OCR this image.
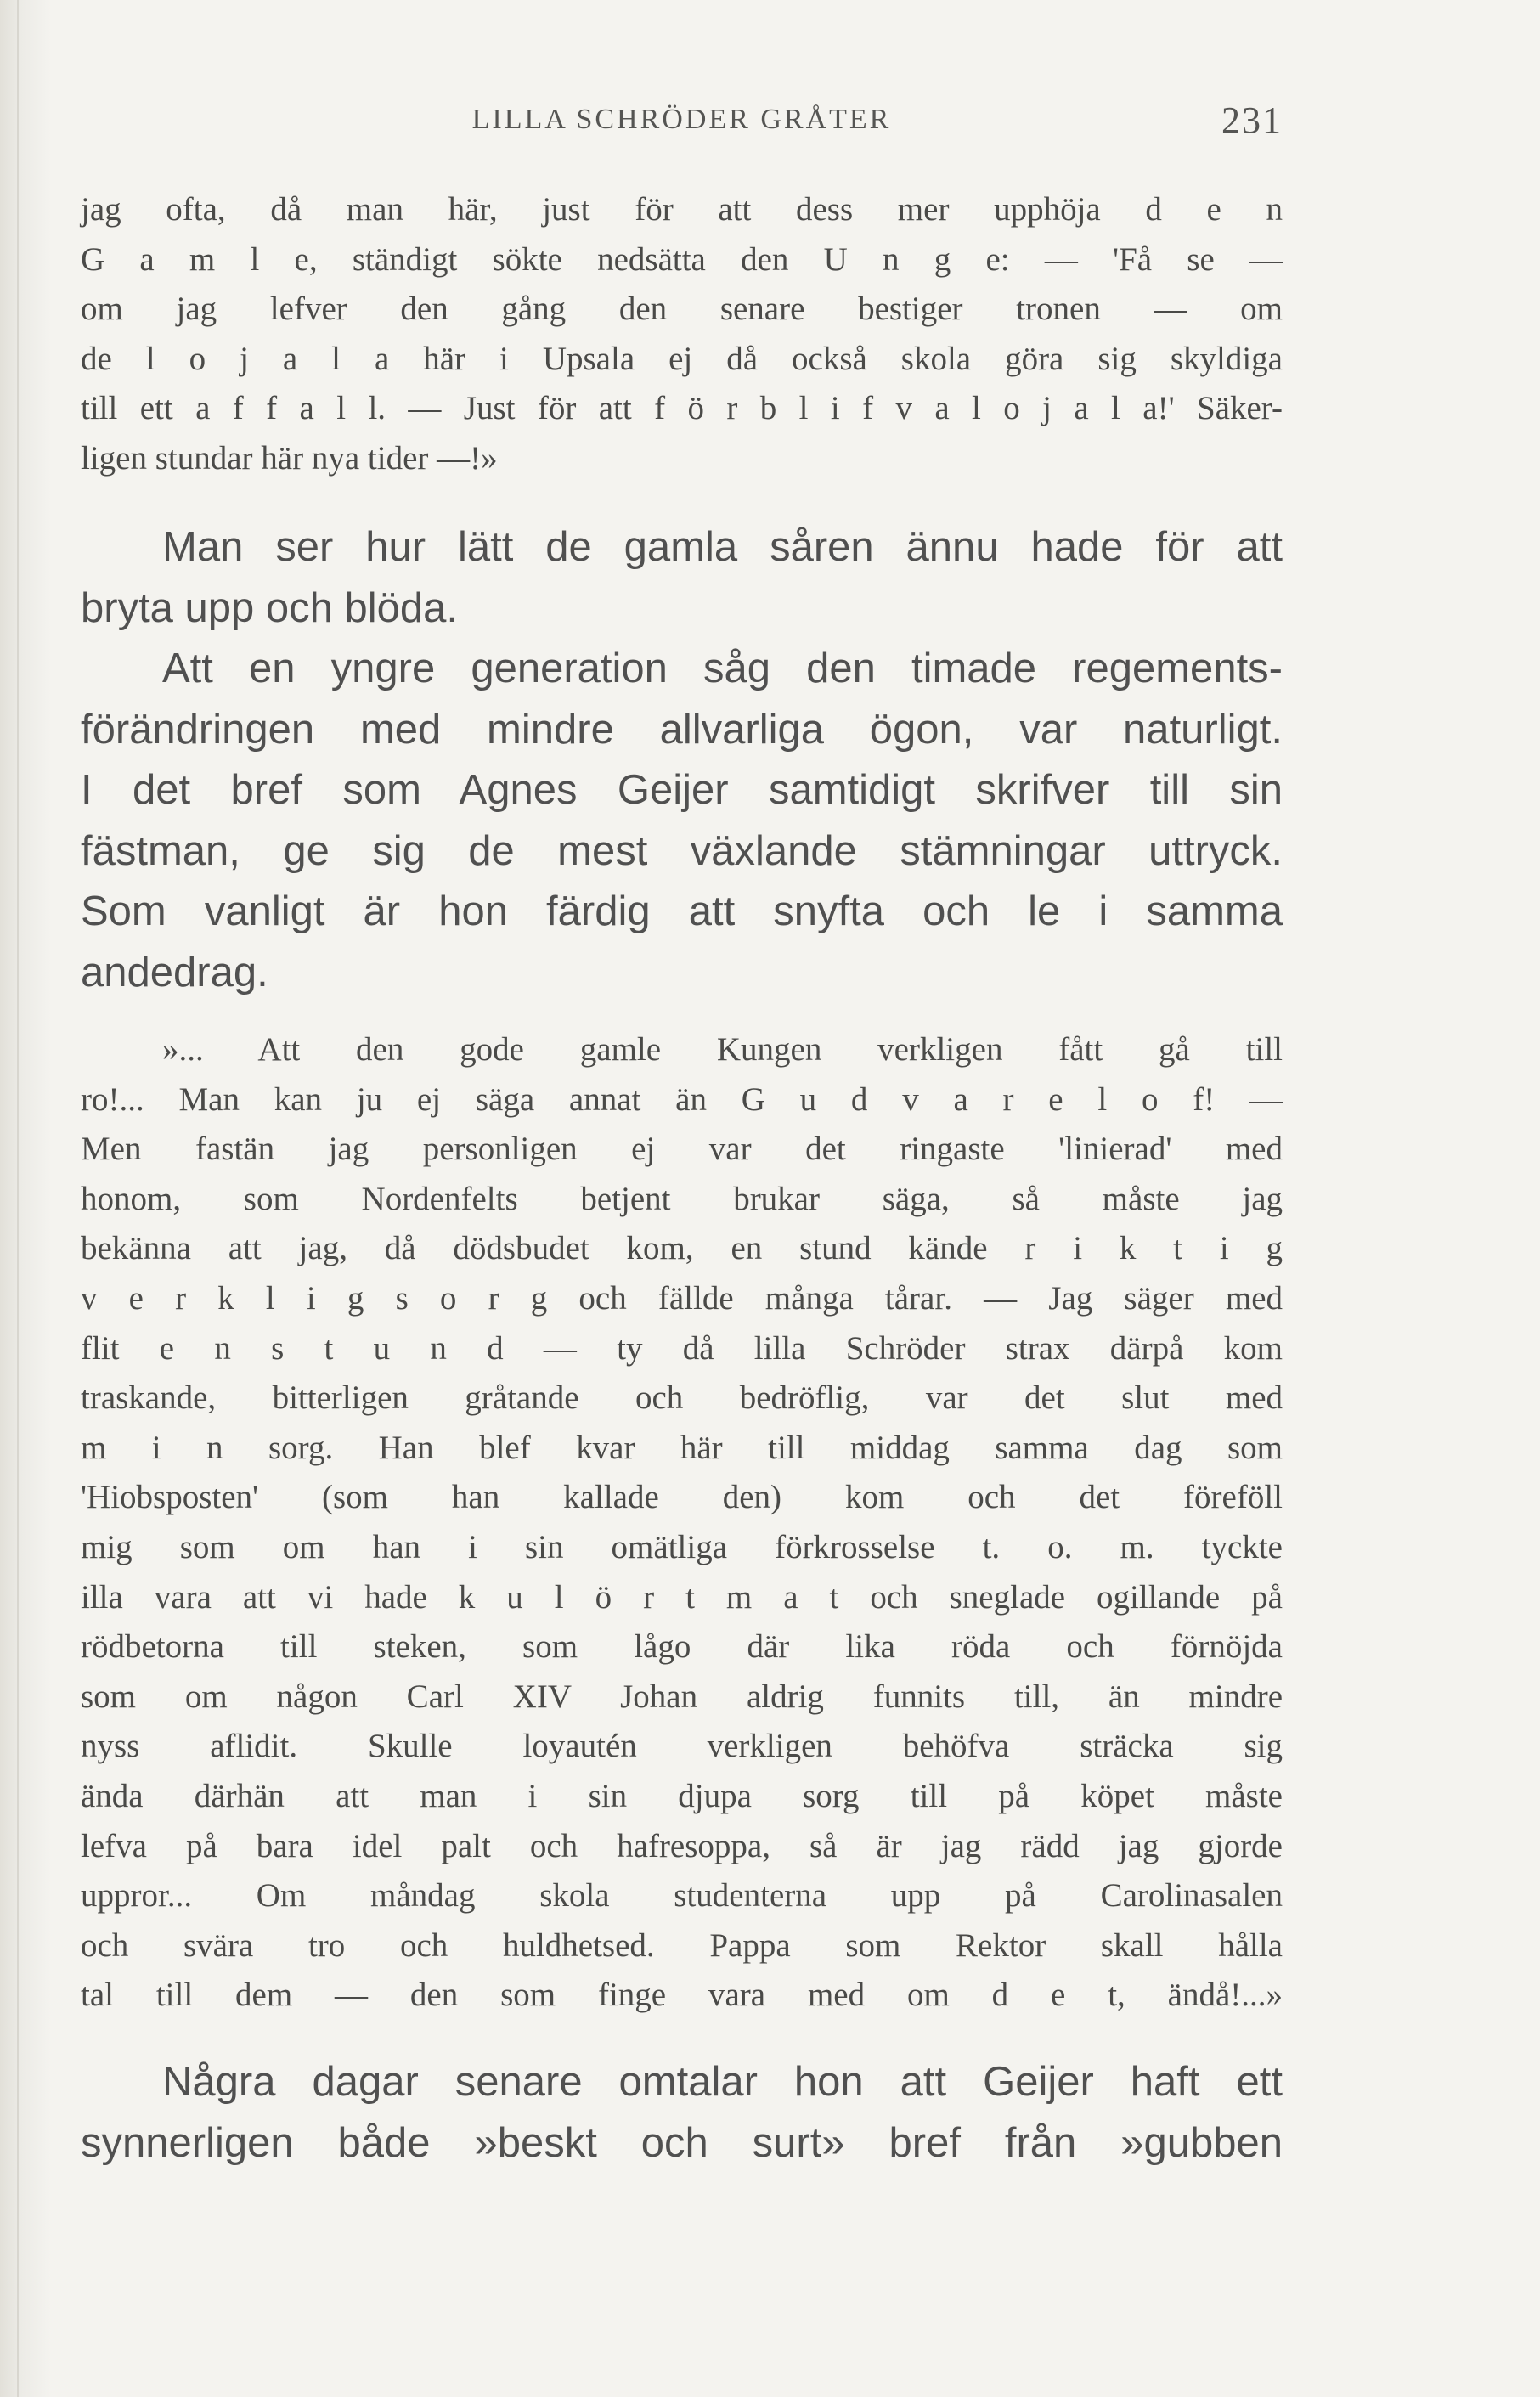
LILLA SCHRÖDER GRÅTER	231
jag ofta, då man här, just för att dess mer upphöja d e n
G a m l e, ständigt sökte nedsätta den U n g e: — 'Få se —
om jag lefver den gång den senare bestiger tronen — om
de l o j a l a här i Upsala ej då också skola göra sig skyldiga
till ett a f f a l l. — Just för att f ö r b l i f v a l o j a l a!' Säker-
ligen stundar här nya tider —!»
Man ser hur lätt de gamla såren ännu hade för att
bryta upp och blöda.
Att en yngre generation såg den timade regements-
förändringen med mindre allvarliga ögon, var naturligt.
I det bref som Agnes Geijer samtidigt skrifver till sin
fästman, ge sig de mest växlande stämningar uttryck.
Som vanligt är hon färdig att snyfta och le i samma
andedrag.
»... Att den gode gamle Kungen verkligen fått gå till
ro!... Man kan ju ej säga annat än G u d v a r e l o f! —
Men fastän jag personligen ej var det ringaste 'linierad' med
honom, som Nordenfelts betjent brukar säga, så måste jag
bekänna att jag, då dödsbudet kom, en stund kände r i k t i g
v e r k l i g s o r g och fällde många tårar. — Jag säger med
flit e n s t u n d — ty då lilla Schröder strax därpå kom
traskande, bitterligen gråtande och bedröflig, var det slut med
m i n sorg. Han blef kvar här till middag samma dag som
'Hiobsposten' (som han kallade den) kom och det föreföll
mig som om han i sin omätliga förkrosselse t. o. m. tyckte
illa vara att vi hade k u l ö r t m a t och sneglade ogillande på
rödbetorna till steken, som lågo där lika röda och förnöjda
som om någon Carl XIV Johan aldrig funnits till, än mindre
nyss aflidit. Skulle loyautén verkligen behöfva sträcka sig
ända därhän att man i sin djupa sorg till på köpet måste
lefva på bara idel palt och hafresoppa, så är jag rädd jag gjorde
uppror... Om måndag skola studenterna upp på Carolinasalen
och svära tro och huldhetsed. Pappa som Rektor skall hålla
tal till dem — den som finge vara med om d e t, ändå!...»
Några dagar senare omtalar hon att Geijer haft ett
synnerligen både »beskt och surt» bref från »gubben
